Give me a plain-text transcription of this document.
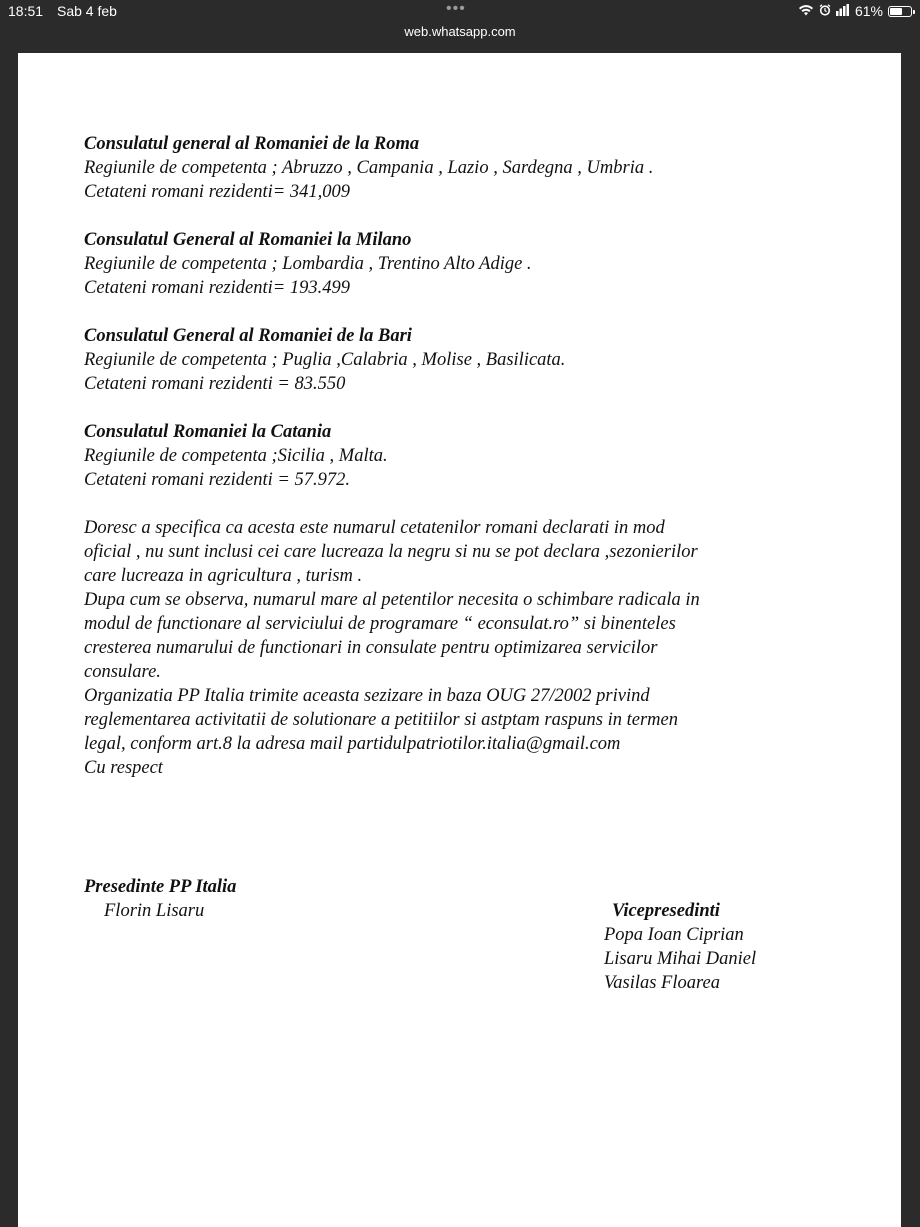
18:51 Sab 4 feb	•••	61%
web.whatsapp.com

Consulatul general al Romaniei de la Roma

Regiunile de competenta ; Abruzzo , Campania , Lazio , Sardegna , Umbria .

Cetateni romani rezidenti= 341,009

Consulatul General al Romaniei la Milano

Regiunile de competenta ; Lombardia , Trentino Alto Adige .

Cetateni romani rezidenti= 193.499

Consulatul General al Romaniei de la Bari

Regiunile de competenta ; Puglia ,Calabria , Molise , Basilicata.

Cetateni romani rezidenti = 83.550

Consulatul Romaniei la Catania

Regiunile de competenta ;Sicilia , Malta.

Cetateni romani rezidenti = 57.972.

Doresc a specifica ca acesta este numarul cetatenilor romani declarati in mod

oficial , nu sunt inclusi cei care lucreaza la negru si nu se pot declara ,sezonierilor

care lucreaza in agricultura , turism .

Dupa cum se observa, numarul mare al petentilor necesita o schimbare radicala in

modul de functionare al serviciului de programare “ econsulat.ro” si binenteles

cresterea numarului de functionari in consulate pentru optimizarea servicilor

consulare.

Organizatia PP Italia trimite aceasta sezizare in baza OUG 27/2002 privind

reglementarea activitatii de solutionare a petitiilor si astptam raspuns in termen

legal, conform art.8 la adresa mail partidulpatriotilor.italia@gmail.com

Cu respect

Presedinte PP Italia

Florin Lisaru	Vicepresedinti

Popa Ioan Ciprian

Lisaru Mihai Daniel

Vasilas Floarea
